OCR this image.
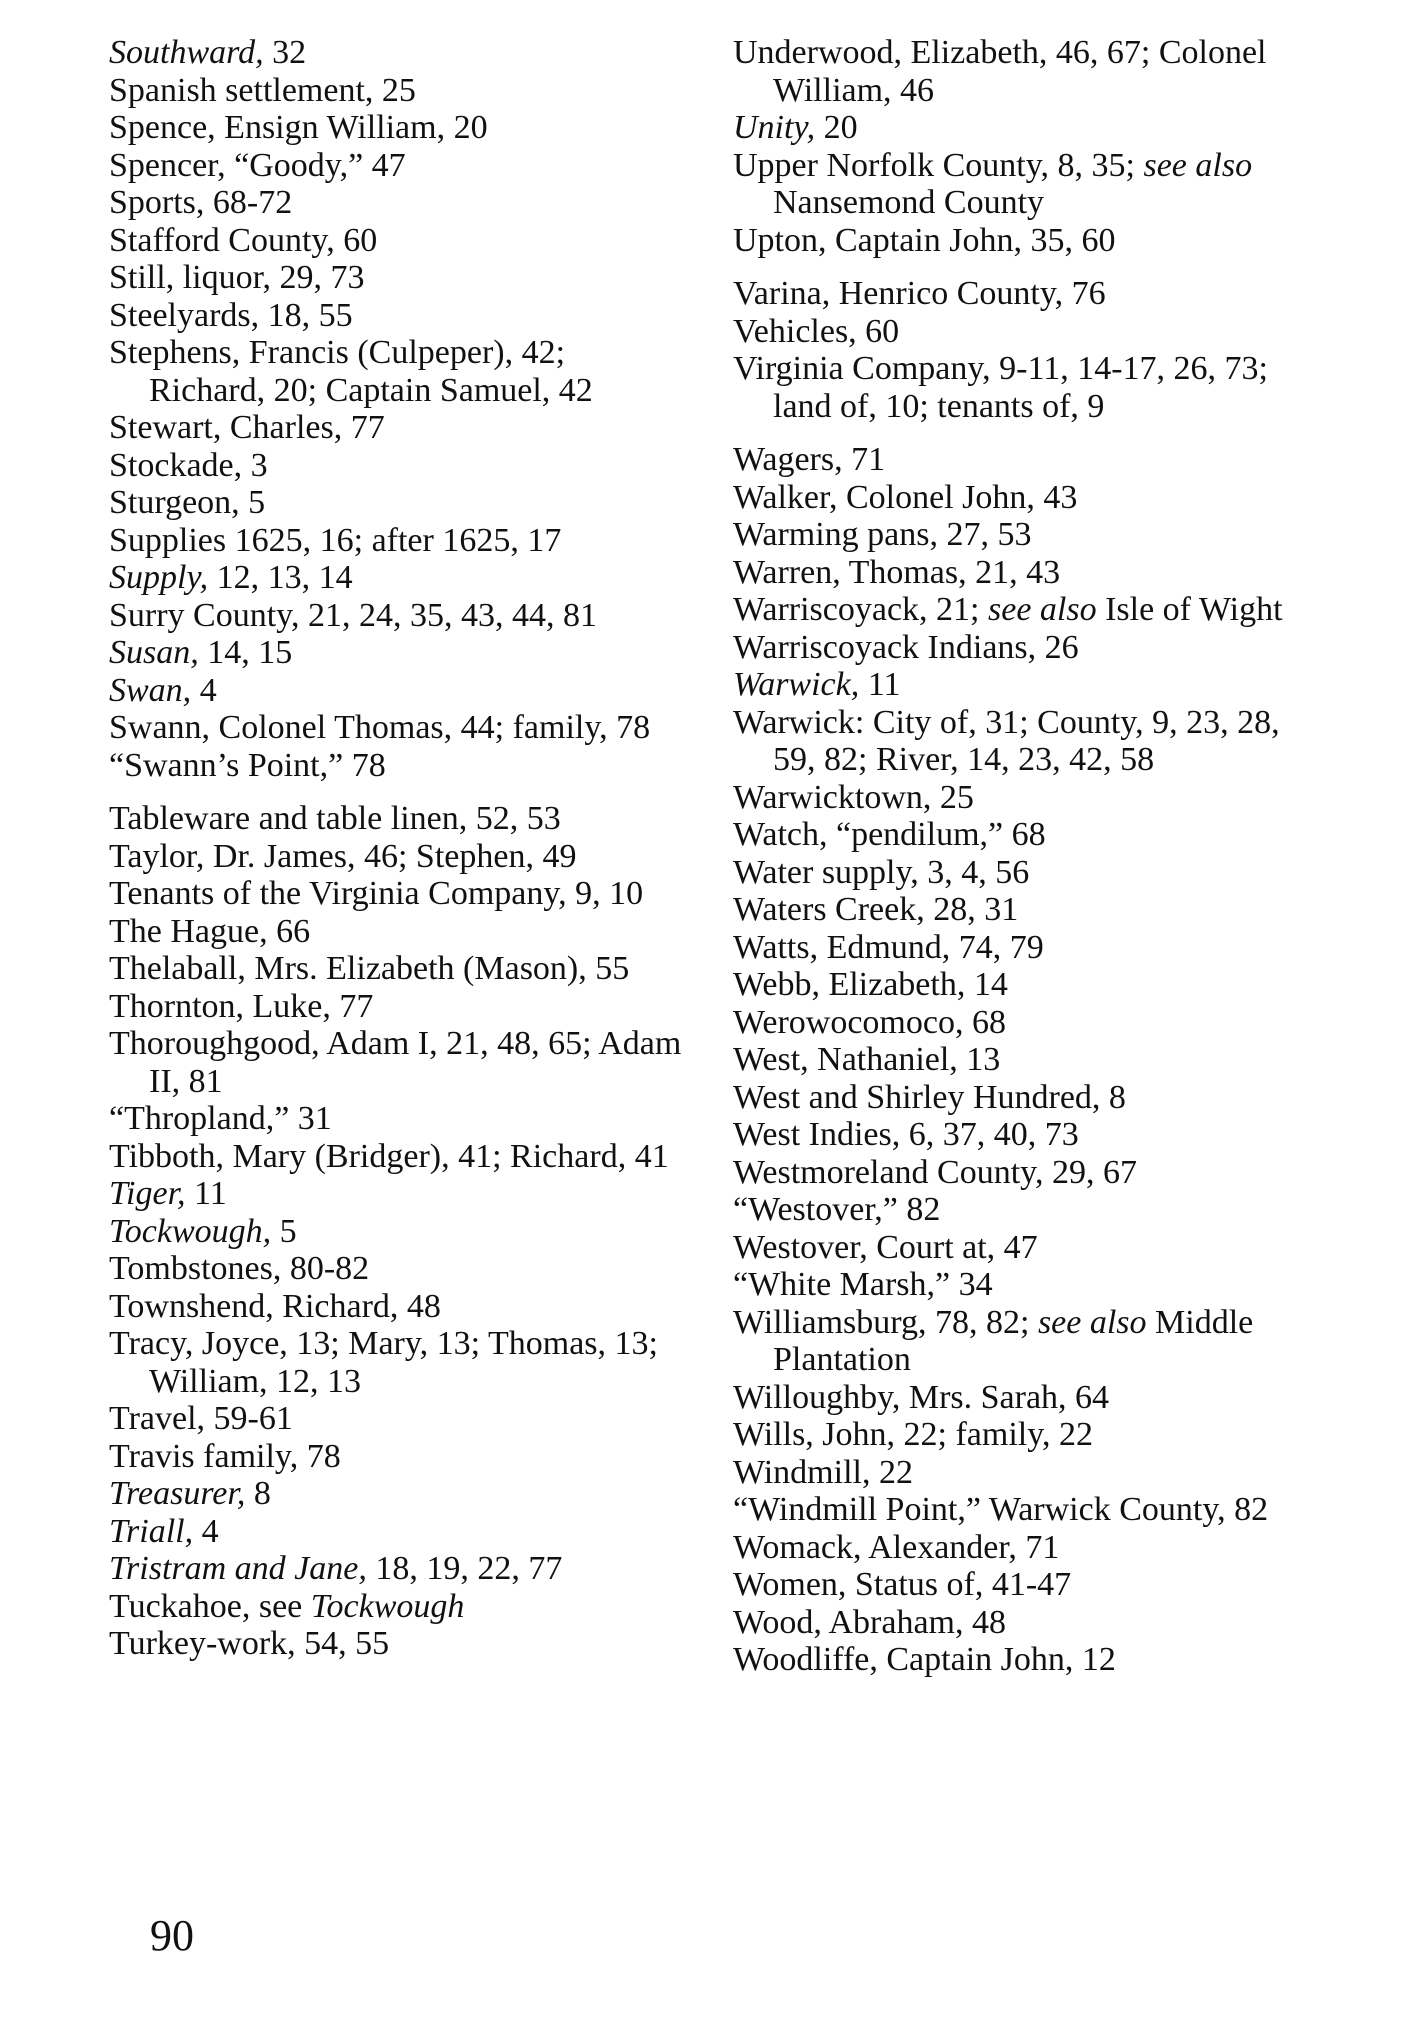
Southward, 32

Spanish settlement, 25

Spence, Ensign William, 20

Spencer, “Goody,” 47

Sports, 68-72

Stafford County, 60

Still, liquor, 29, 73

Steelyards, 18, 55

Stephens, Francis (Culpeper), 42; Richard, 20; Captain Samuel, 42

Stewart, Charles, 77

Stockade, 3

Sturgeon, 5

Supplies 1625, 16; after 1625, 17

Supply, 12, 13, 14

Surry County, 21, 24, 35, 43, 44, 81

Susan, 14, 15

Swan, 4

Swann, Colonel Thomas, 44; family, 78

“Swann’s Point,” 78

Tableware and table linen, 52, 53

Taylor, Dr. James, 46; Stephen, 49

Tenants of the Virginia Company, 9, 10

The Hague, 66

Thelaball, Mrs. Elizabeth (Mason), 55

Thornton, Luke, 77

Thoroughgood, Adam I, 21, 48, 65; Adam II, 81

“Thropland,” 31

Tibboth, Mary (Bridger), 41; Richard, 41

Tiger, 11

Tockwough, 5

Tombstones, 80-82

Townshend, Richard, 48

Tracy, Joyce, 13; Mary, 13; Thomas, 13; William, 12, 13

Travel, 59-61

Travis family, 78

Treasurer, 8

Triall, 4

Tristram and Jane, 18, 19, 22, 77

Tuckahoe, see Tockwough

Turkey-work, 54, 55

Underwood, Elizabeth, 46, 67; Colonel William, 46

Unity, 20

Upper Norfolk County, 8, 35; see also Nansemond County

Upton, Captain John, 35, 60

Varina, Henrico County, 76

Vehicles, 60

Virginia Company, 9-11, 14-17, 26, 73; land of, 10; tenants of, 9

Wagers, 71

Walker, Colonel John, 43

Warming pans, 27, 53

Warren, Thomas, 21, 43

Warriscoyack, 21; see also Isle of Wight

Warriscoyack Indians, 26

Warwick, 11

Warwick: City of, 31; County, 9, 23, 28, 59, 82; River, 14, 23, 42, 58

Warwicktown, 25

Watch, “pendilum,” 68

Water supply, 3, 4, 56

Waters Creek, 28, 31

Watts, Edmund, 74, 79

Webb, Elizabeth, 14

Werowocomoco, 68

West, Nathaniel, 13

West and Shirley Hundred, 8

West Indies, 6, 37, 40, 73

Westmoreland County, 29, 67

“Westover,” 82

Westover, Court at, 47

“White Marsh,” 34

Williamsburg, 78, 82; see also Middle Plantation

Willoughby, Mrs. Sarah, 64

Wills, John, 22; family, 22

Windmill, 22

“Windmill Point,” Warwick County, 82

Womack, Alexander, 71

Women, Status of, 41-47

Wood, Abraham, 48

Woodliffe, Captain John, 12

90
